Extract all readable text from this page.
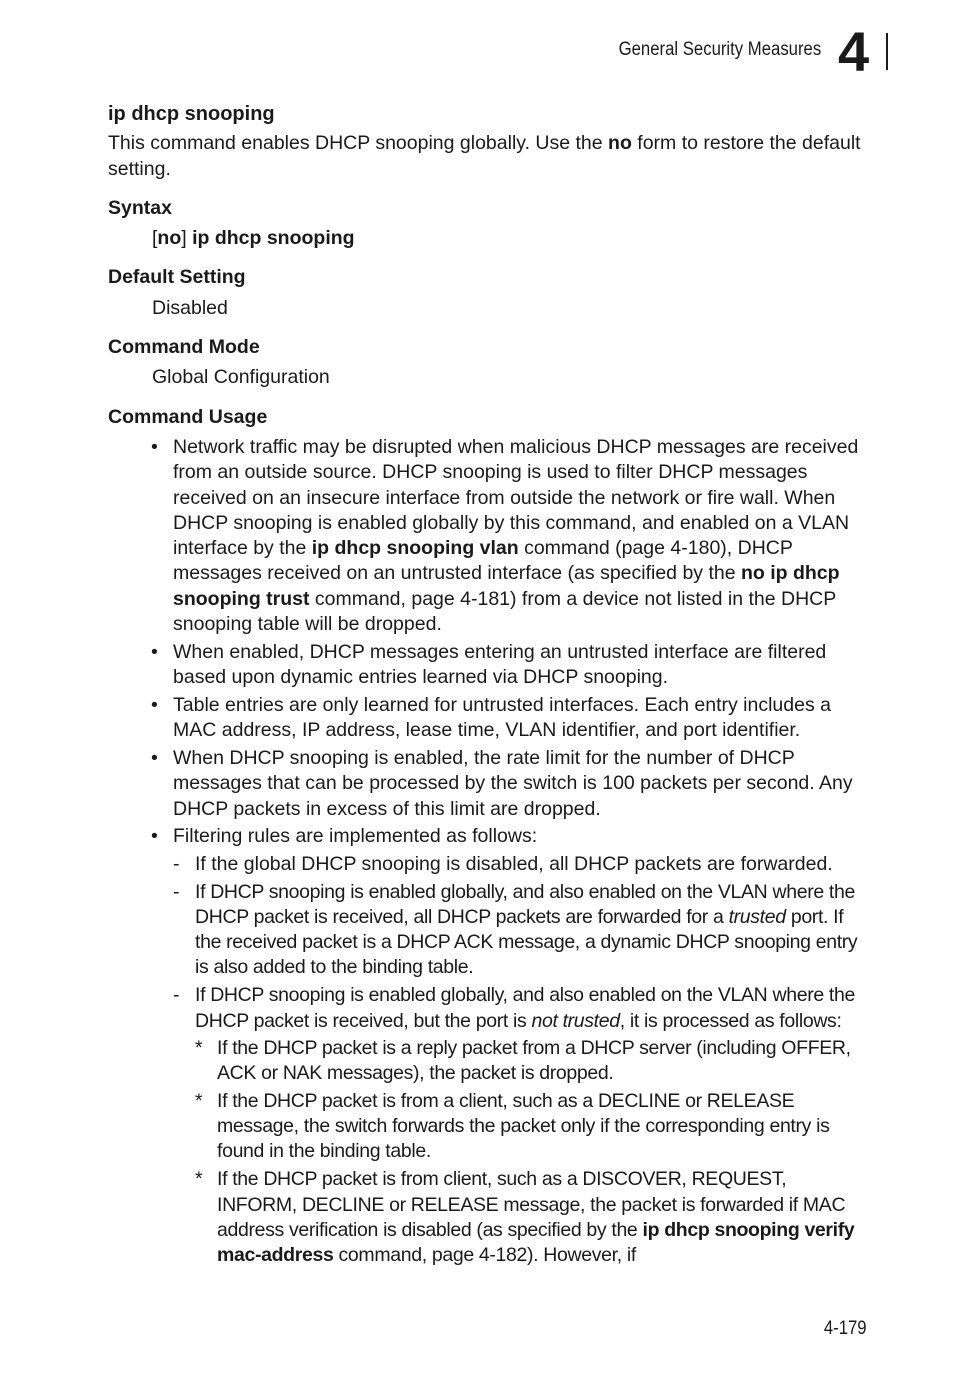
General Security Measures 4

ip dhcp snooping

This command enables DHCP snooping globally. Use the no form to restore the default setting.

Syntax

[no] ip dhcp snooping

Default Setting

Disabled

Command Mode

Global Configuration

Command Usage

• Network traffic may be disrupted when malicious DHCP messages are received from an outside source. DHCP snooping is used to filter DHCP messages received on an insecure interface from outside the network or fire wall. When DHCP snooping is enabled globally by this command, and enabled on a VLAN interface by the ip dhcp snooping vlan command (page 4-180), DHCP messages received on an untrusted interface (as specified by the no ip dhcp snooping trust command, page 4-181) from a device not listed in the DHCP snooping table will be dropped.
• When enabled, DHCP messages entering an untrusted interface are filtered based upon dynamic entries learned via DHCP snooping.
• Table entries are only learned for untrusted interfaces. Each entry includes a MAC address, IP address, lease time, VLAN identifier, and port identifier.
• When DHCP snooping is enabled, the rate limit for the number of DHCP messages that can be processed by the switch is 100 packets per second. Any DHCP packets in excess of this limit are dropped.
• Filtering rules are implemented as follows:
- If the global DHCP snooping is disabled, all DHCP packets are forwarded.
- If DHCP snooping is enabled globally, and also enabled on the VLAN where the DHCP packet is received, all DHCP packets are forwarded for a trusted port. If the received packet is a DHCP ACK message, a dynamic DHCP snooping entry is also added to the binding table.
- If DHCP snooping is enabled globally, and also enabled on the VLAN where the DHCP packet is received, but the port is not trusted, it is processed as follows:
* If the DHCP packet is a reply packet from a DHCP server (including OFFER, ACK or NAK messages), the packet is dropped.
* If the DHCP packet is from a client, such as a DECLINE or RELEASE message, the switch forwards the packet only if the corresponding entry is found in the binding table.
* If the DHCP packet is from client, such as a DISCOVER, REQUEST, INFORM, DECLINE or RELEASE message, the packet is forwarded if MAC address verification is disabled (as specified by the ip dhcp snooping verify mac-address command, page 4-182). However, if
4-179
